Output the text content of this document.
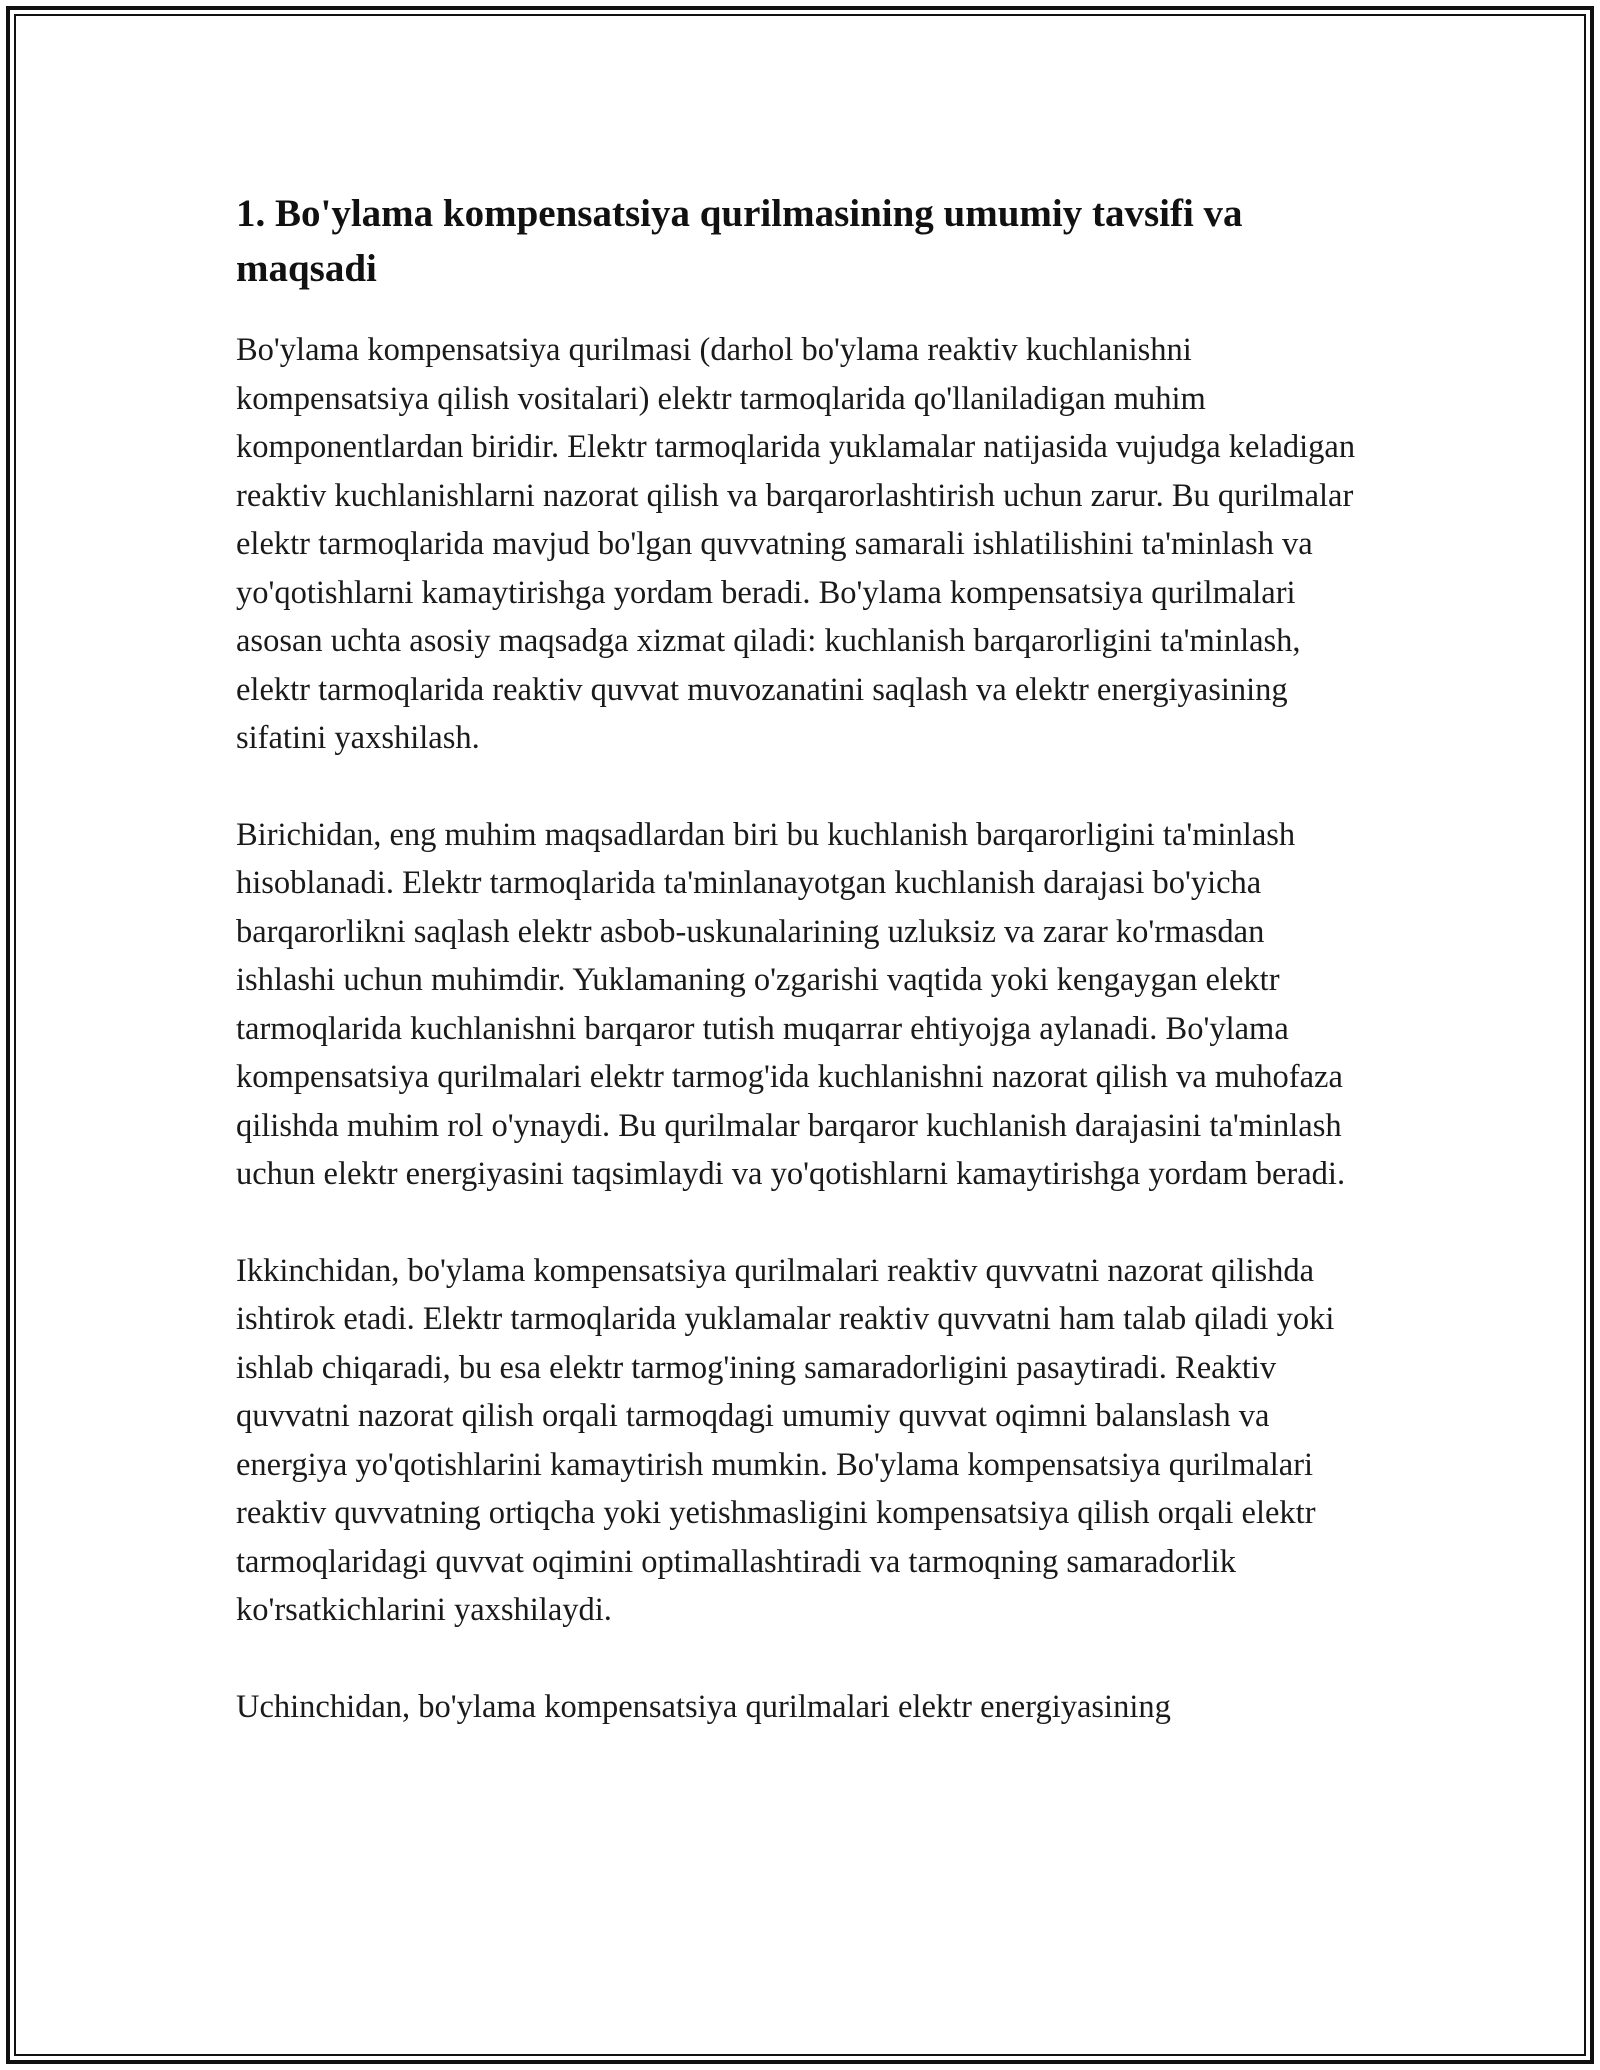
1. Bo'ylama kompensatsiya qurilmasining umumiy tavsifi va maqsadi

Bo'ylama kompensatsiya qurilmasi (darhol bo'ylama reaktiv kuchlanishni kompensatsiya qilish vositalari) elektr tarmoqlarida qo'llaniladigan muhim komponentlardan biridir. Elektr tarmoqlarida yuklamalar natijasida vujudga keladigan reaktiv kuchlanishlarni nazorat qilish va barqarorlashtirish uchun zarur. Bu qurilmalar elektr tarmoqlarida mavjud bo'lgan quvvatning samarali ishlatilishini ta'minlash va yo'qotishlarni kamaytirishga yordam beradi. Bo'ylama kompensatsiya qurilmalari asosan uchta asosiy maqsadga xizmat qiladi: kuchlanish barqarorligini ta'minlash, elektr tarmoqlarida reaktiv quvvat muvozanatini saqlash va elektr energiyasining sifatini yaxshilash.

Birichidan, eng muhim maqsadlardan biri bu kuchlanish barqarorligini ta'minlash hisoblanadi. Elektr tarmoqlarida ta'minlanayotgan kuchlanish darajasi bo'yicha barqarorlikni saqlash elektr asbob-uskunalarining uzluksiz va zarar ko'rmasdan ishlashi uchun muhimdir. Yuklamaning o'zgarishi vaqtida yoki kengaygan elektr tarmoqlarida kuchlanishni barqaror tutish muqarrar ehtiyojga aylanadi. Bo'ylama kompensatsiya qurilmalari elektr tarmog'ida kuchlanishni nazorat qilish va muhofaza qilishda muhim rol o'ynaydi. Bu qurilmalar barqaror kuchlanish darajasini ta'minlash uchun elektr energiyasini taqsimlaydi va yo'qotishlarni kamaytirishga yordam beradi.

Ikkinchidan, bo'ylama kompensatsiya qurilmalari reaktiv quvvatni nazorat qilishda ishtirok etadi. Elektr tarmoqlarida yuklamalar reaktiv quvvatni ham talab qiladi yoki ishlab chiqaradi, bu esa elektr tarmog'ining samaradorligini pasaytiradi. Reaktiv quvvatni nazorat qilish orqali tarmoqdagi umumiy quvvat oqimni balanslash va energiya yo'qotishlarini kamaytirish mumkin. Bo'ylama kompensatsiya qurilmalari reaktiv quvvatning ortiqcha yoki yetishmasligini kompensatsiya qilish orqali elektr tarmoqlaridagi quvvat oqimini optimallashtiradi va tarmoqning samaradorlik ko'rsatkichlarini yaxshilaydi.

Uchinchidan, bo'ylama kompensatsiya qurilmalari elektr energiyasining
